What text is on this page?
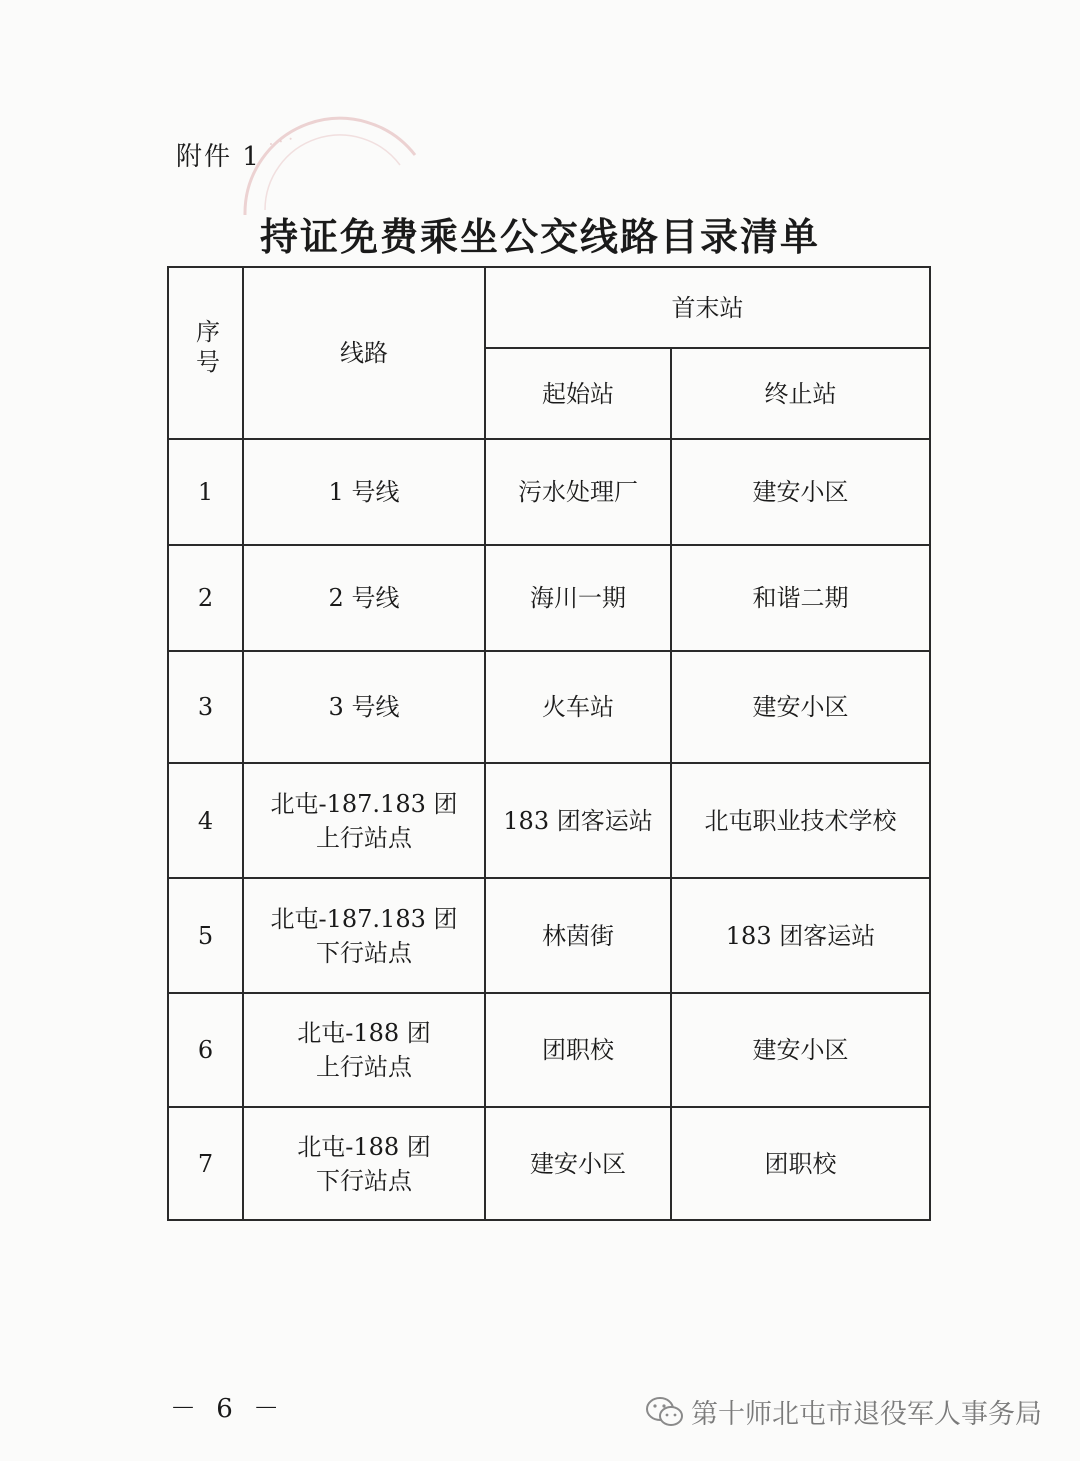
· · ·
附件 1
持证免费乘坐公交线路目录清单
序号	线路	首末站	
		起始站	终止站
1	1 号线	污水处理厂	建安小区
2	2 号线	海川一期	和谐二期
3	3 号线	火车站	建安小区
4	北屯-187.183 团
上行站点	183 团客运站	北屯职业技术学校
5	北屯-187.183 团
下行站点	林茵街	183 团客运站
6	北屯-188 团
上行站点	团职校	建安小区
7	北屯-188 团
下行站点	建安小区	团职校
－ 6 －	第十师北屯市退役军人事务局
